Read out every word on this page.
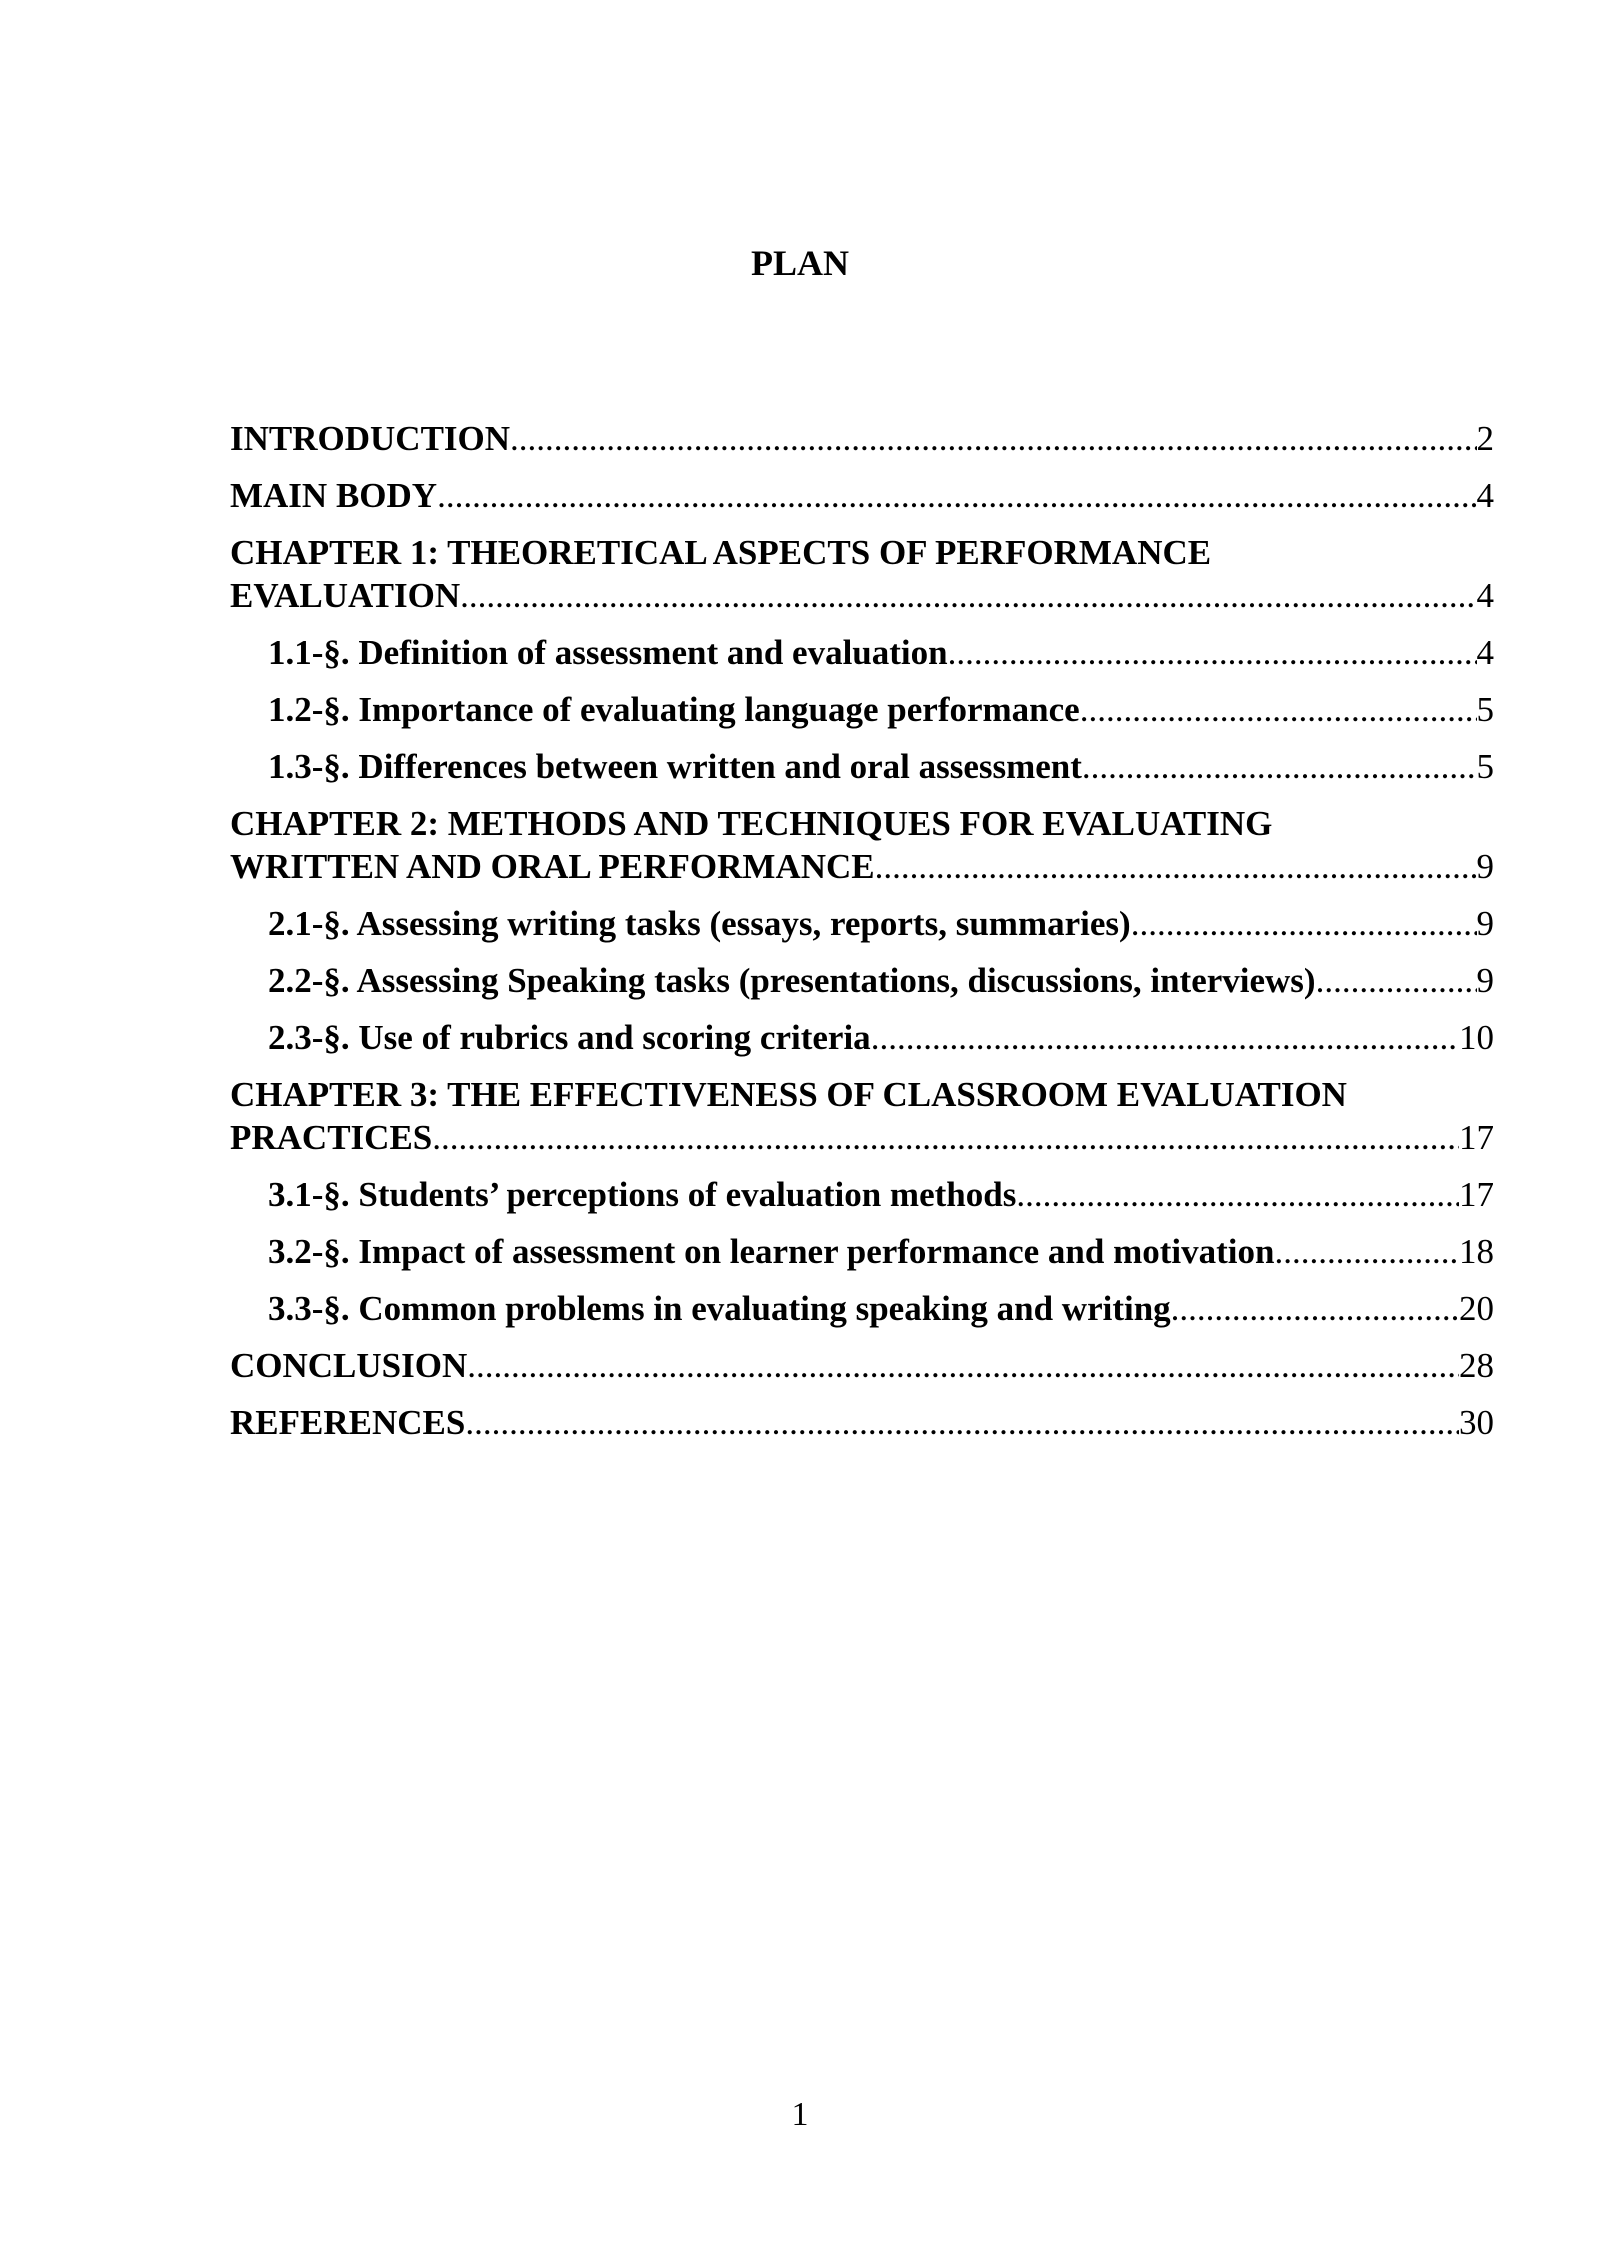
PLAN
INTRODUCTION .....	2
MAIN BODY .....	4
CHAPTER 1: THEORETICAL ASPECTS OF PERFORMANCE
EVALUATION .....	4
1.1-§. Definition of assessment and evaluation .....	4
1.2-§. Importance of evaluating language performance .....	5
1.3-§. Differences between written and oral assessment .....	5
CHAPTER 2: METHODS AND TECHNIQUES FOR EVALUATING
WRITTEN AND ORAL PERFORMANCE .....	9
2.1-§. Assessing writing tasks (essays, reports, summaries) .....	9
2.2-§. Assessing Speaking tasks (presentations, discussions, interviews) .....	9
2.3-§. Use of rubrics and scoring criteria .....	10
CHAPTER 3: THE EFFECTIVENESS OF CLASSROOM EVALUATION
PRACTICES .....	17
3.1-§. Students’ perceptions of evaluation methods .....	17
3.2-§. Impact of assessment on learner performance and motivation .....	18
3.3-§. Common problems in evaluating speaking and writing .....	20
CONCLUSION .....	28
REFERENCES .....	30
1
